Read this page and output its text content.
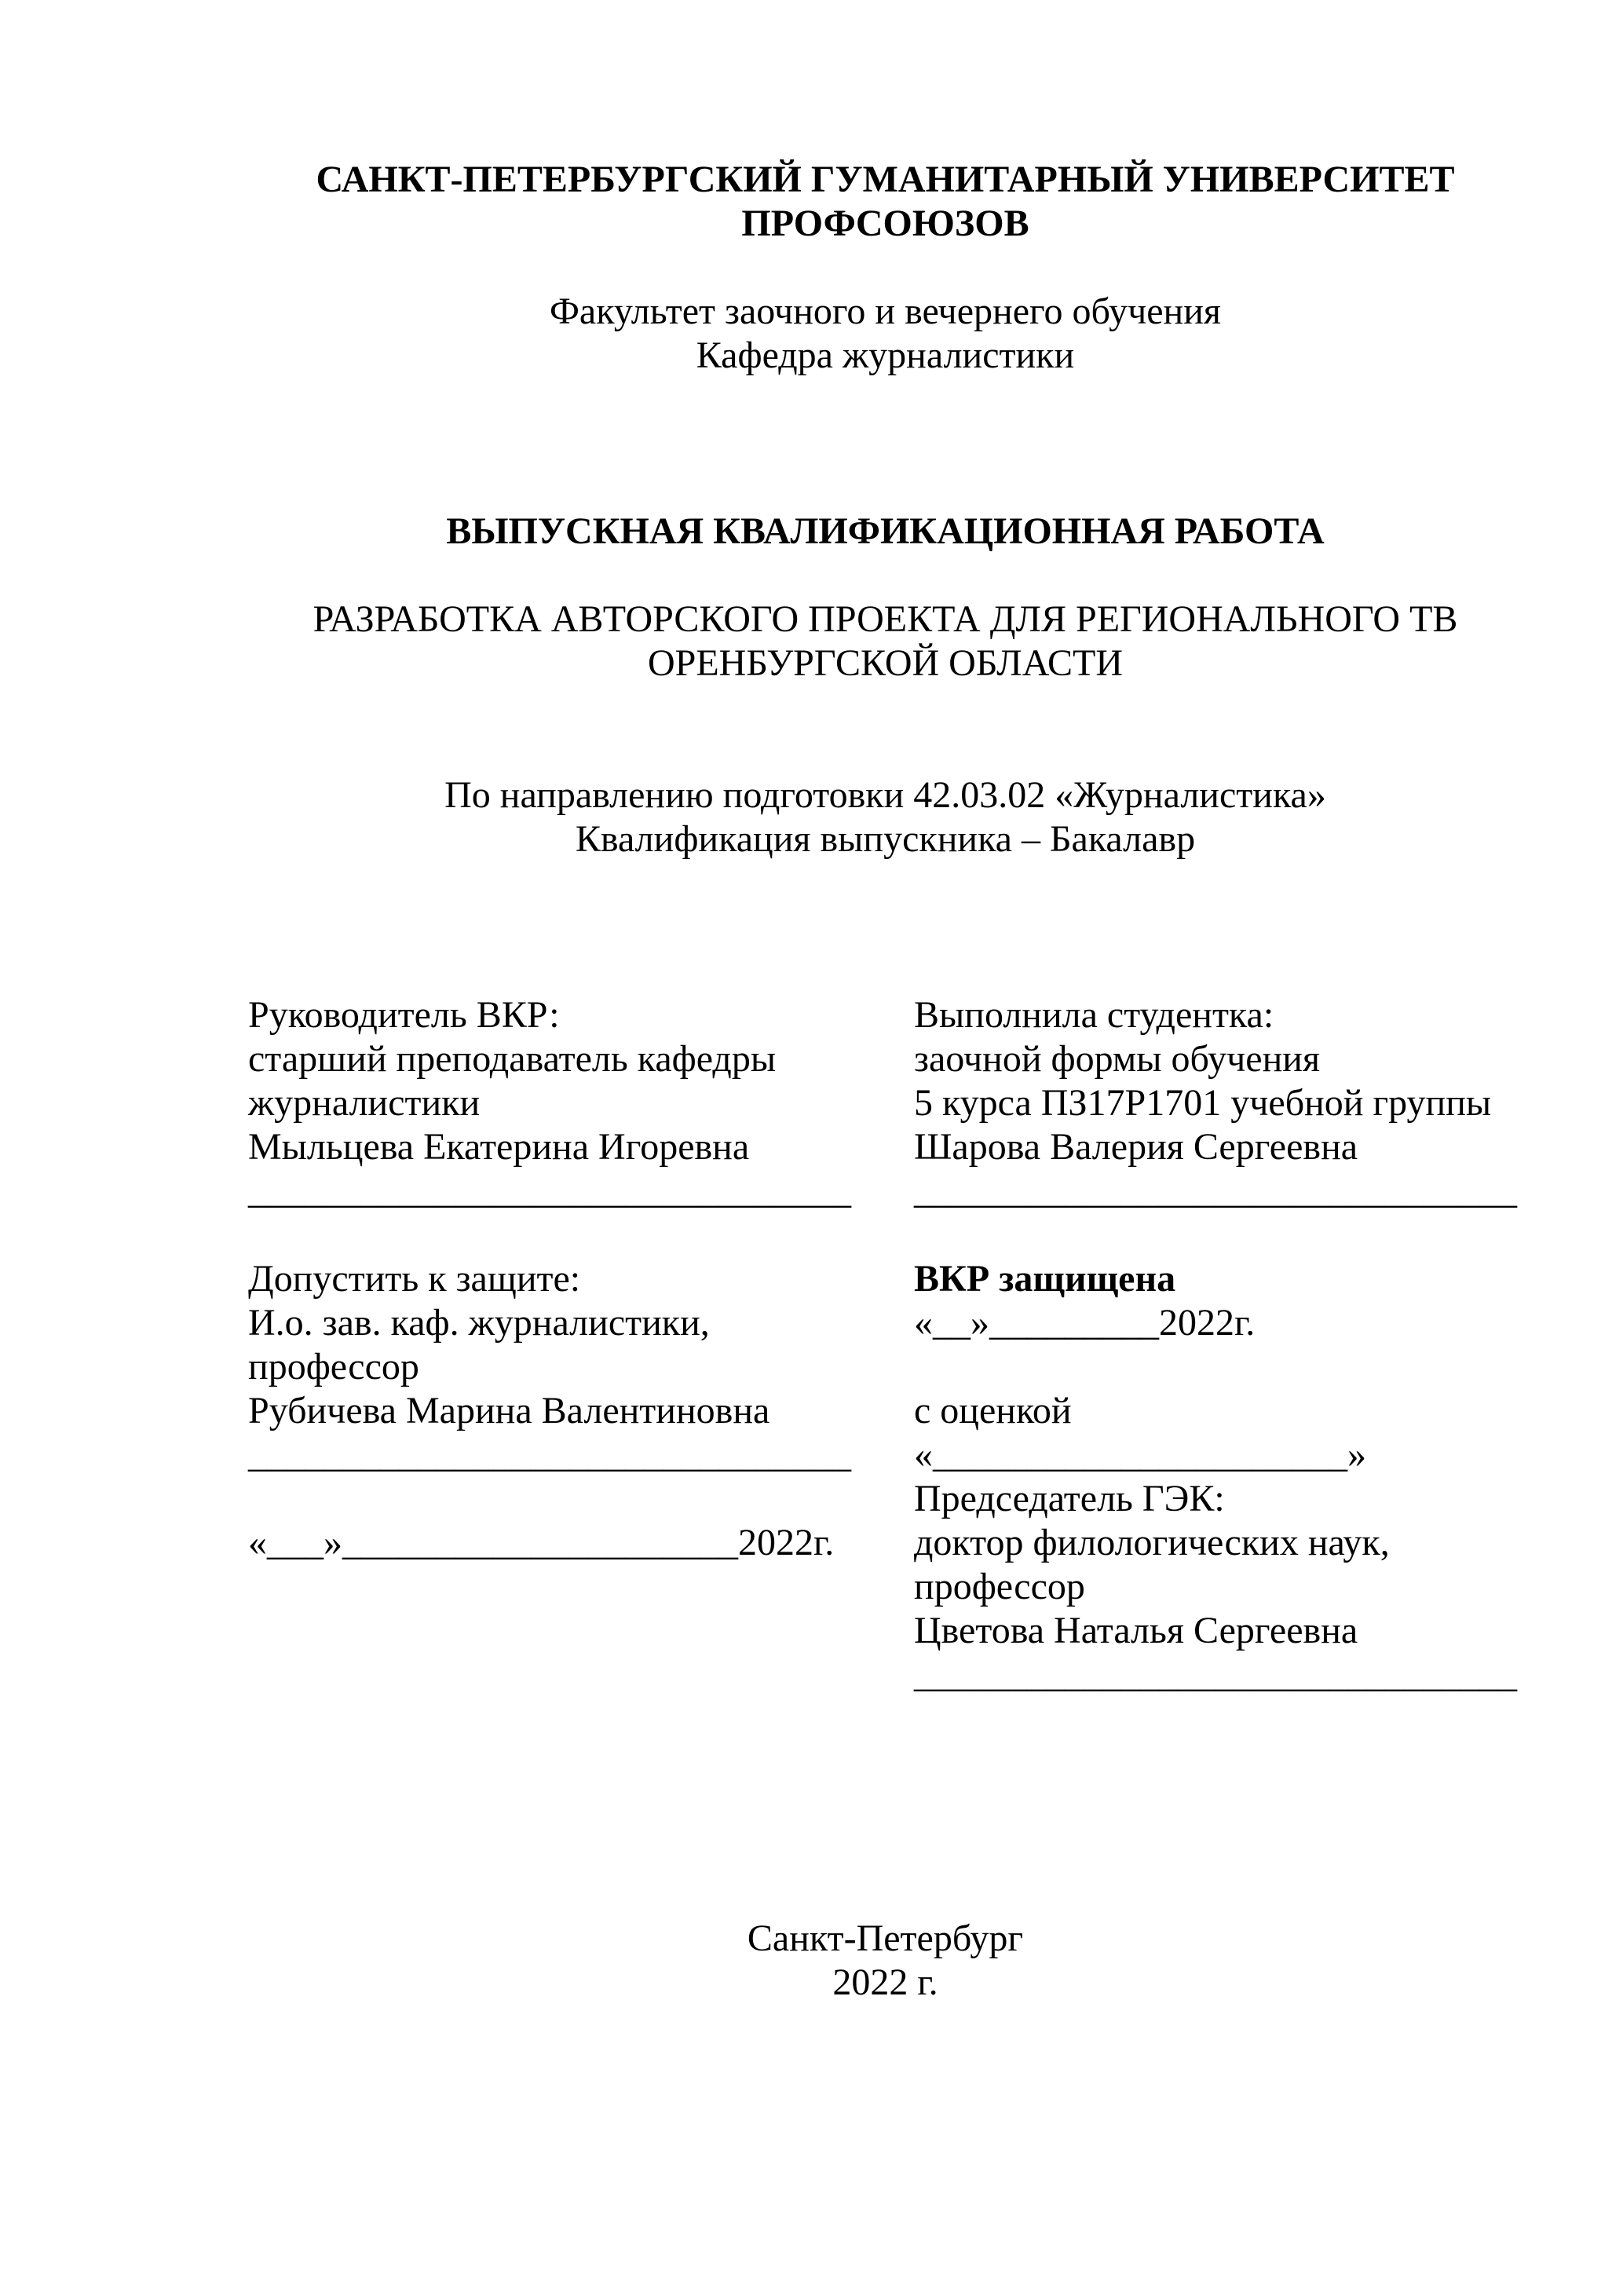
САНКТ-ПЕТЕРБУРГСКИЙ ГУМАНИТАРНЫЙ УНИВЕРСИТЕТ
ПРОФСОЮЗОВ
Факультет заочного и вечернего обучения
Кафедра журналистики
ВЫПУСКНАЯ КВАЛИФИКАЦИОННАЯ РАБОТА
РАЗРАБОТКА АВТОРСКОГО ПРОЕКТА ДЛЯ РЕГИОНАЛЬНОГО ТВ
ОРЕНБУРГСКОЙ ОБЛАСТИ
По направлению подготовки 42.03.02 «Журналистика»
Квалификация выпускника – Бакалавр
Руководитель ВКР:
старший преподаватель кафедры
журналистики
Мыльцева Екатерина Игоревна
________________________________
Выполнила студентка:
заочной формы обучения
5 курса ПЗ17Р1701 учебной группы
Шарова Валерия Сергеевна
________________________________
Допустить к защите:
И.о. зав. каф. журналистики,
профессор
Рубичева Марина Валентиновна
________________________________
«___»_____________________2022г.
ВКР защищена
«__»_________2022г.
с оценкой
«______________________»
Председатель ГЭК:
доктор филологических наук,
профессор
Цветова Наталья Сергеевна
________________________________
Санкт-Петербург
2022 г.
